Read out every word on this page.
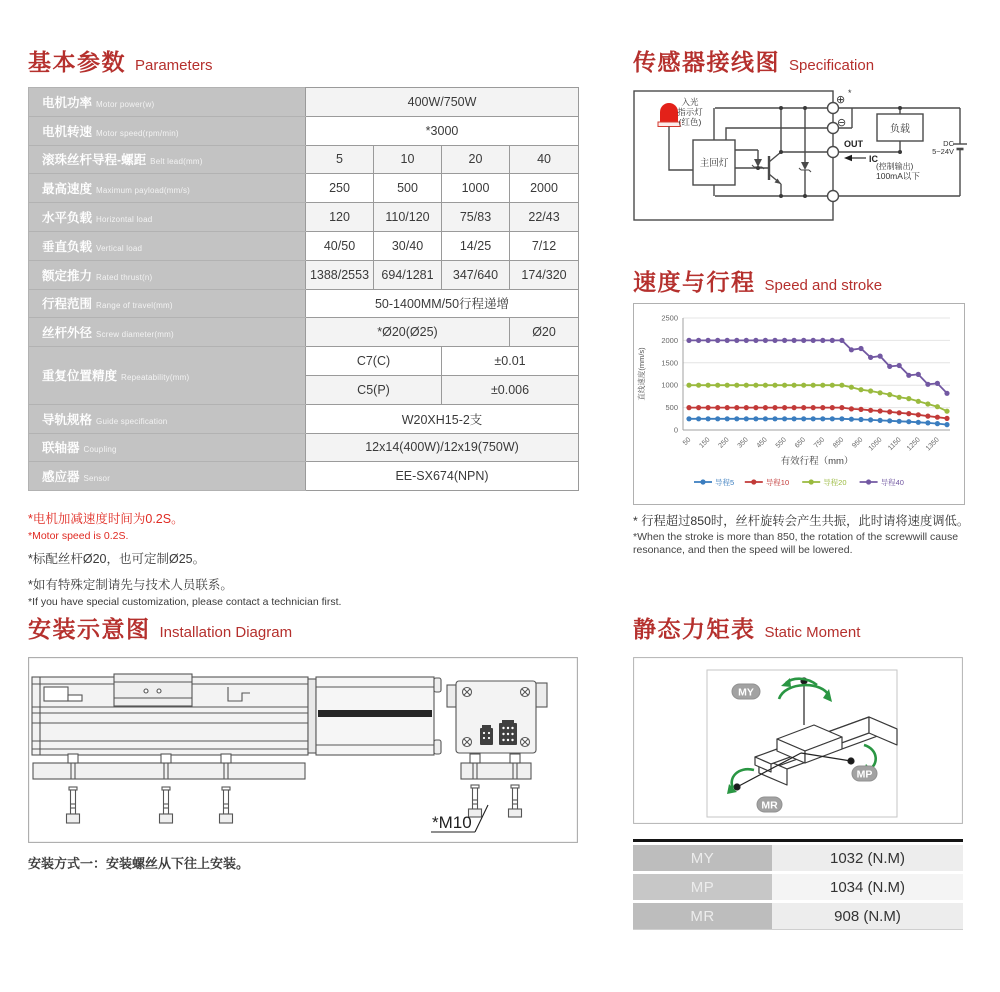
基本参数 Parameters
电机功率 Motor power(w)	400W/750W			
电机转速 Motor speed(rpm/min)	*3000			
滚珠丝杆导程-螺距 Belt lead(mm)	5	10	20	40
最高速度 Maximum payload(mm/s)	250	500	1000	2000
水平负载 Horizontal load	120	110/120	75/83	22/43
垂直负载 Vertical load	40/50	30/40	14/25	7/12
额定推力 Rated thrust(n)	1388/2553	694/1281	347/640	174/320
行程范围 Range of travel(mm)	50-1400MM/50行程递增			
丝杆外径 Screw diameter(mm)	*Ø20(Ø25)			Ø20
重复位置精度 Repeatability(mm)	C7(C)		±0.01	
	C5(P)		±0.006	
导轨规格 Guide specification	W20XH15-2支			
联轴器 Coupling	12x14(400W)/12x19(750W)			
感应器 Sensor	EE-SX674(NPN)			
*电机加减速度时间为0.2S。
*Motor speed is 0.2S.
*标配丝杆Ø20，也可定制Ø25。
*如有特殊定制请先与技术人员联系。
*If you have special customization, please contact a technician first.
安装示意图 Installation Diagram
*M10
安装方式一：安装螺丝从下往上安装。
传感器接线图 Specification
入光
指示灯
(红色)
主回灯
负载
⊕
*
⊖
OUT
IC
(控制输出)
100mA以下
DC
5~24V
速度与行程 Speed and stroke
0
500
1000
1500
2000
2500
50 150 250 350 450 550 650 750 850 950 1050 1150 1250 1350
有效行程（mm）
直线速度(mm/s)
导程5	导程10	导程20	导程40
* 行程超过850时，丝杆旋转会产生共振，此时请将速度调低。
*When the stroke is more than 850, the rotation of the screwwill cause resonance, and then the speed will be lowered.
静态力矩表 Static Moment
MY
MP
MR
MY	1032 (N.M)
MP	1034 (N.M)
MR	908 (N.M)
